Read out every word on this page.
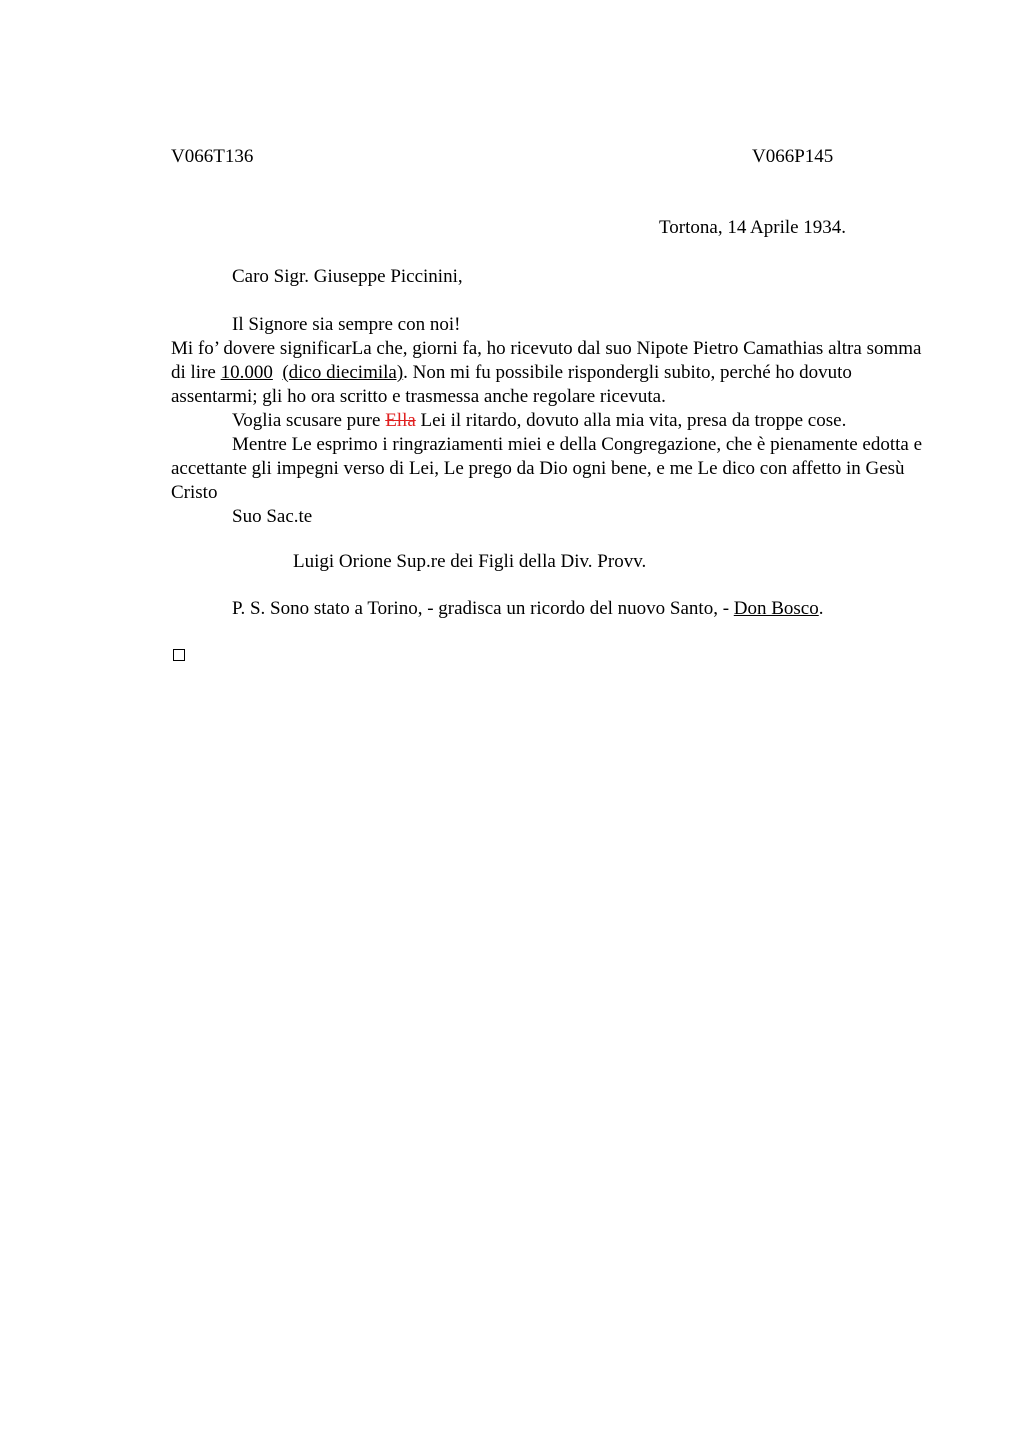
V066T136	V066P145
Tortona, 14 Aprile 1934.
Caro Sigr. Giuseppe Piccinini,

Il Signore sia sempre con noi!

Mi fo’ dovere significarLa che, giorni fa, ho ricevuto dal suo Nipote Pietro Camathias altra somma di lire 10.000 (dico diecimila). Non mi fu possibile rispondergli subito, perché ho dovuto assentarmi; gli ho ora scritto e trasmessa anche regolare ricevuta.

Voglia scusare pure Ella Lei il ritardo, dovuto alla mia vita, presa da troppe cose.

Mentre Le esprimo i ringraziamenti miei e della Congregazione, che è pienamente edotta e accettante gli impegni verso di Lei, Le prego da Dio ogni bene, e me Le dico con affetto in Gesù Cristo

Suo Sac.te

Luigi Orione Sup.re dei Figli della Div. Provv.
P. S. Sono stato a Torino, - gradisca un ricordo del nuovo Santo, - Don Bosco.
